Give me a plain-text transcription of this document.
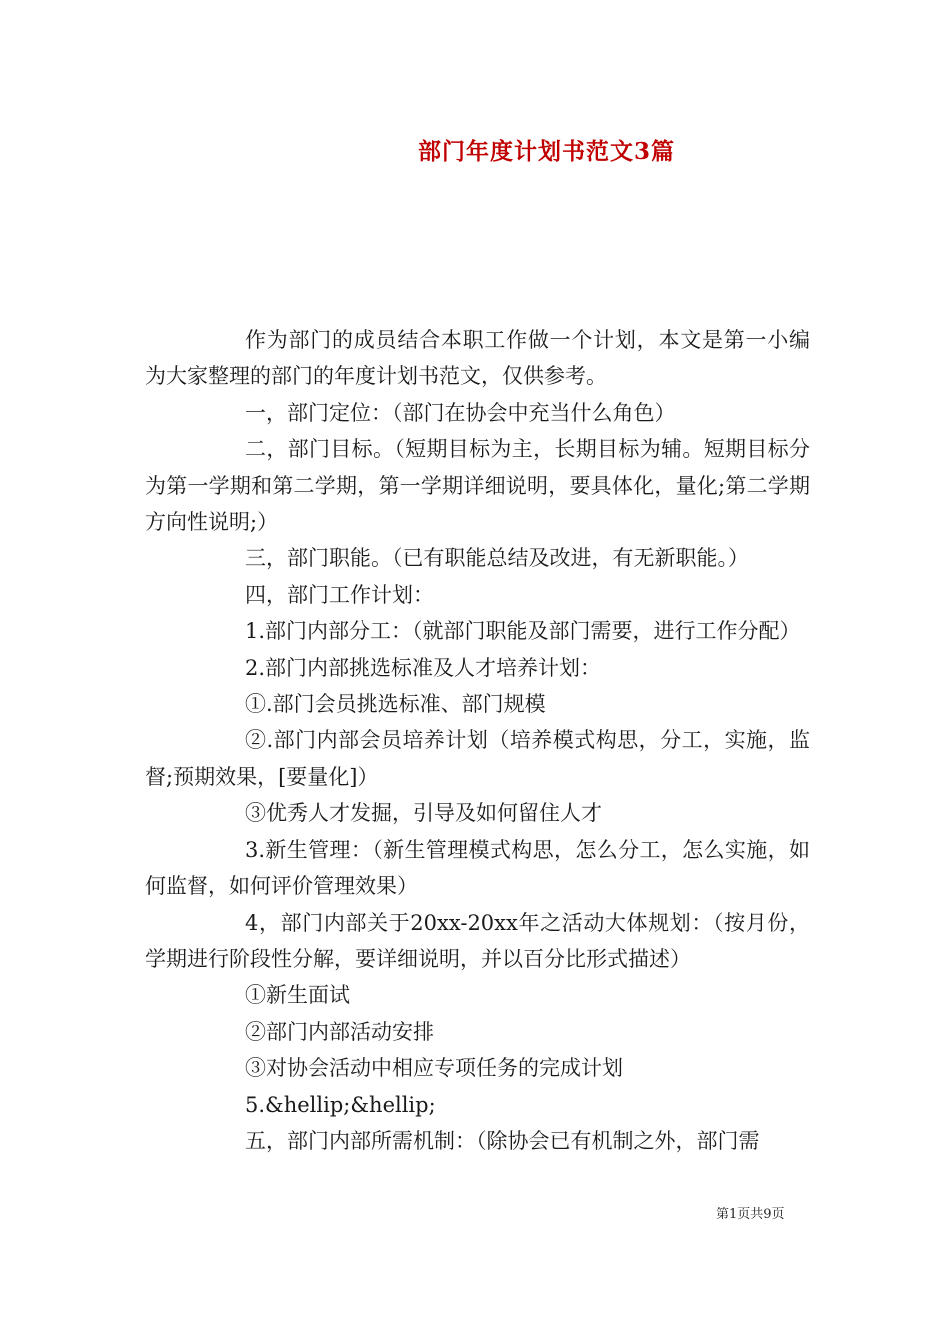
部门年度计划书范文3篇

作为部门的成员结合本职工作做一个计划，本文是第一小编为大家整理的部门的年度计划书范文，仅供参考。

一，部门定位：（部门在协会中充当什么角色）

二，部门目标。（短期目标为主，长期目标为辅。短期目标分为第一学期和第二学期，第一学期详细说明，要具体化，量化;第二学期方向性说明;）

三，部门职能。（已有职能总结及改进，有无新职能。）

四，部门工作计划：

1.部门内部分工：（就部门职能及部门需要，进行工作分配）

2.部门内部挑选标准及人才培养计划：

①.部门会员挑选标准、部门规模

②.部门内部会员培养计划（培养模式构思，分工，实施，监督;预期效果，[要量化]）

③优秀人才发掘，引导及如何留住人才

3.新生管理：（新生管理模式构思，怎么分工，怎么实施，如何监督，如何评价管理效果）

4，部门内部关于20xx-20xx年之活动大体规划：（按月份，学期进行阶段性分解，要详细说明，并以百分比形式描述）

①新生面试

②部门内部活动安排

③对协会活动中相应专项任务的完成计划

5.&hellip;&hellip;

五，部门内部所需机制：（除协会已有机制之外，部门需

第1页共9页
